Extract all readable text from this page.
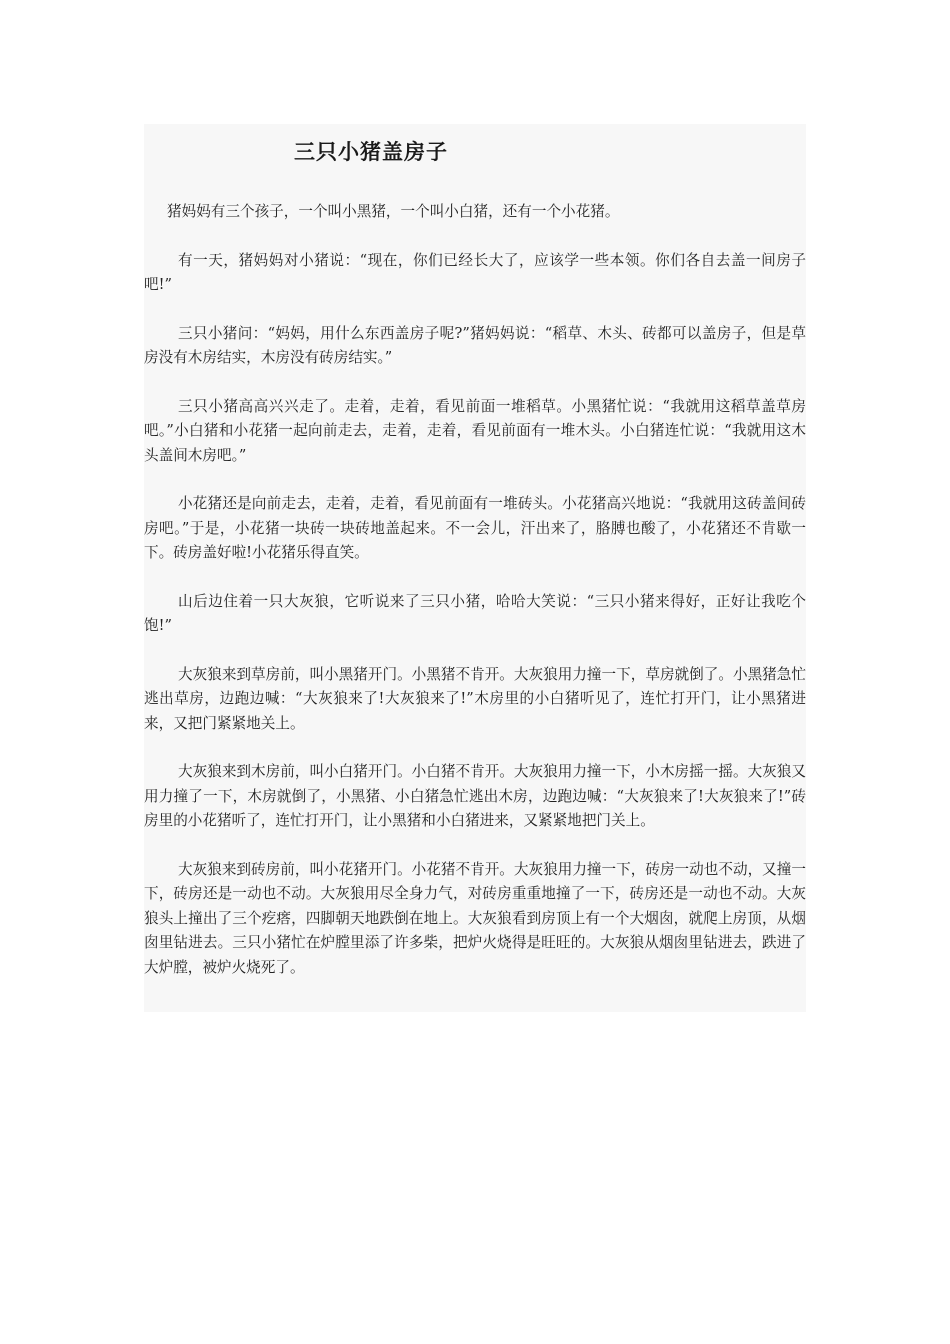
三只小猪盖房子

猪妈妈有三个孩子，一个叫小黑猪，一个叫小白猪，还有一个小花猪。

有一天，猪妈妈对小猪说：“现在，你们已经长大了，应该学一些本领。你们各自去盖一间房子吧!”

三只小猪问：“妈妈，用什么东西盖房子呢?”猪妈妈说：“稻草、木头、砖都可以盖房子，但是草房没有木房结实，木房没有砖房结实。”

三只小猪高高兴兴走了。走着，走着，看见前面一堆稻草。小黑猪忙说：“我就用这稻草盖草房吧。”小白猪和小花猪一起向前走去，走着，走着，看见前面有一堆木头。小白猪连忙说：“我就用这木头盖间木房吧。”

小花猪还是向前走去，走着，走着，看见前面有一堆砖头。小花猪高兴地说：“我就用这砖盖间砖房吧。”于是，小花猪一块砖一块砖地盖起来。不一会儿，汗出来了，胳膊也酸了，小花猪还不肯歇一下。砖房盖好啦!小花猪乐得直笑。

山后边住着一只大灰狼，它听说来了三只小猪，哈哈大笑说：“三只小猪来得好，正好让我吃个饱!”

大灰狼来到草房前，叫小黑猪开门。小黑猪不肯开。大灰狼用力撞一下，草房就倒了。小黑猪急忙逃出草房，边跑边喊：“大灰狼来了!大灰狼来了!”木房里的小白猪听见了，连忙打开门，让小黑猪进来，又把门紧紧地关上。

大灰狼来到木房前，叫小白猪开门。小白猪不肯开。大灰狼用力撞一下，小木房摇一摇。大灰狼又用力撞了一下，木房就倒了，小黑猪、小白猪急忙逃出木房，边跑边喊：“大灰狼来了!大灰狼来了!”砖房里的小花猪听了，连忙打开门，让小黑猪和小白猪进来，又紧紧地把门关上。

大灰狼来到砖房前，叫小花猪开门。小花猪不肯开。大灰狼用力撞一下，砖房一动也不动，又撞一下，砖房还是一动也不动。大灰狼用尽全身力气，对砖房重重地撞了一下，砖房还是一动也不动。大灰狼头上撞出了三个疙瘩，四脚朝天地跌倒在地上。大灰狼看到房顶上有一个大烟囱，就爬上房顶，从烟囱里钻进去。三只小猪忙在炉膛里添了许多柴，把炉火烧得是旺旺的。大灰狼从烟囱里钻进去，跌进了大炉膛，被炉火烧死了。
